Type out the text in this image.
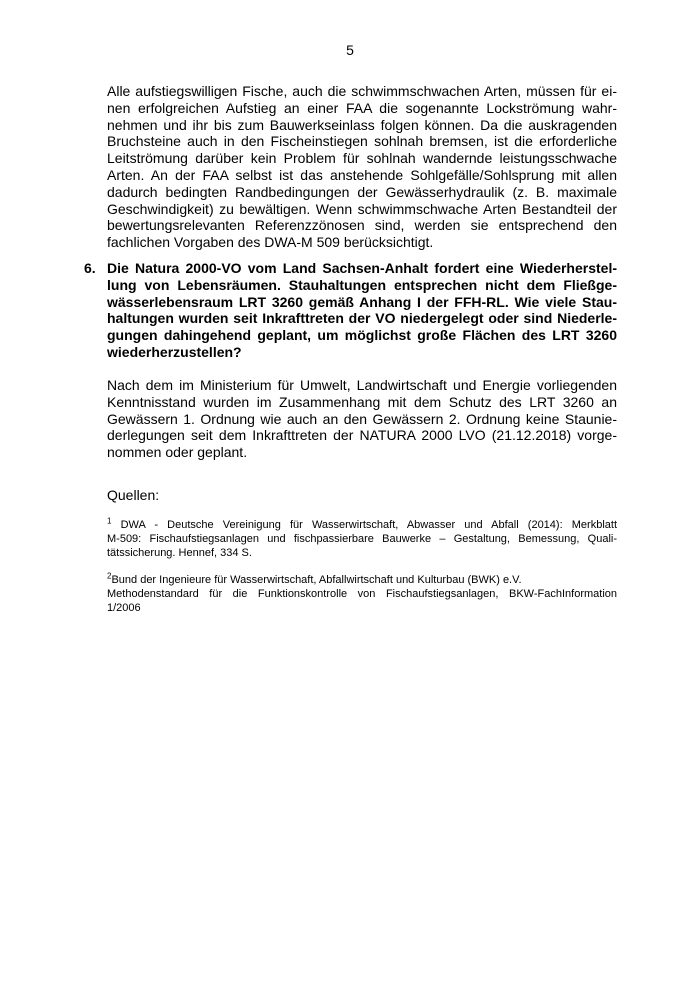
5
Alle aufstiegswilligen Fische, auch die schwimmschwachen Arten, müssen für ei-
nen erfolgreichen Aufstieg an einer FAA die sogenannte Lockströmung wahr-
nehmen und ihr bis zum Bauwerkseinlass folgen können. Da die auskragenden
Bruchsteine auch in den Fischeinstiegen sohlnah bremsen, ist die erforderliche
Leitströmung darüber kein Problem für sohlnah wandernde leistungsschwache
Arten. An der FAA selbst ist das anstehende Sohlgefälle/Sohlsprung mit allen
dadurch bedingten Randbedingungen der Gewässerhydraulik (z. B. maximale
Geschwindigkeit) zu bewältigen. Wenn schwimmschwache Arten Bestandteil der
bewertungsrelevanten Referenzzönosen sind, werden sie entsprechend den
fachlichen Vorgaben des DWA-M 509 berücksichtigt.
6. Die Natura 2000-VO vom Land Sachsen-Anhalt fordert eine Wiederherstel-
lung von Lebensräumen. Stauhaltungen entsprechen nicht dem Fließge-
wässerlebensraum LRT 3260 gemäß Anhang I der FFH-RL. Wie viele Stau-
haltungen wurden seit Inkrafttreten der VO niedergelegt oder sind Niederle-
gungen dahingehend geplant, um möglichst große Flächen des LRT 3260
wiederherzustellen?
Nach dem im Ministerium für Umwelt, Landwirtschaft und Energie vorliegenden
Kenntnisstand wurden im Zusammenhang mit dem Schutz des LRT 3260 an
Gewässern 1. Ordnung wie auch an den Gewässern 2. Ordnung keine Staunie-
derlegungen seit dem Inkrafttreten der NATURA 2000 LVO (21.12.2018) vorge-
nommen oder geplant.
Quellen:
$^1$ DWA - Deutsche Vereinigung für Wasserwirtschaft, Abwasser und Abfall (2014): Merkblatt
M-509: Fischaufstiegsanlagen und fischpassierbare Bauwerke – Gestaltung, Bemessung, Quali-
tätssicherung. Hennef, 334 S.
$^2$Bund der Ingenieure für Wasserwirtschaft, Abfallwirtschaft und Kulturbau (BWK) e.V.
Methodenstandard für die Funktionskontrolle von Fischaufstiegsanlagen, BKW-FachInformation
1/2006
